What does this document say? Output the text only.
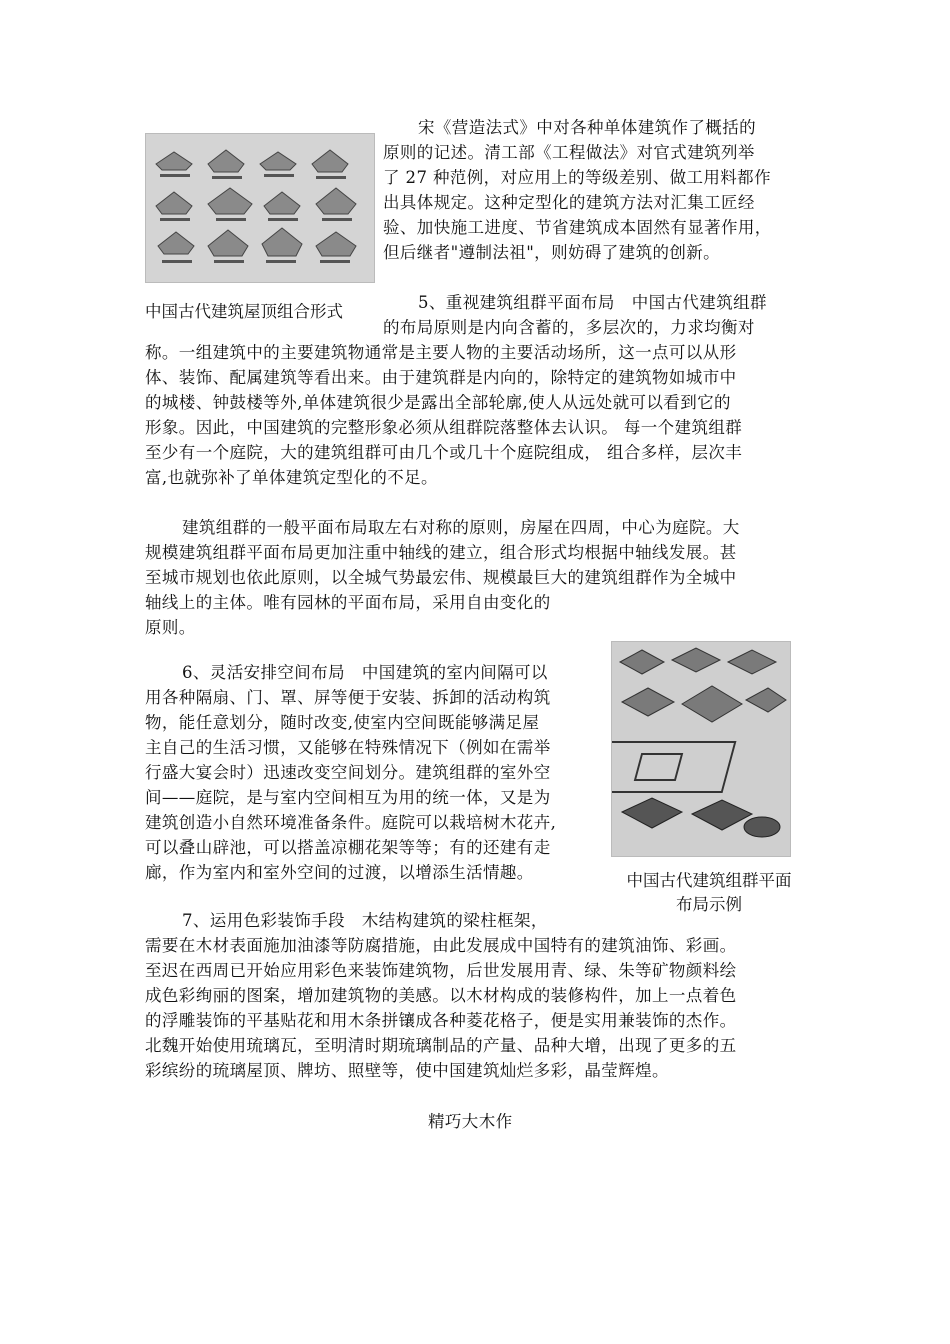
中国古代建筑屋顶组合形式
宋《营造法式》中对各种单体建筑作了概括的
原则的记述。清工部《工程做法》对官式建筑列举
了 27 种范例，对应用上的等级差别、做工用料都作
出具体规定。这种定型化的建筑方法对汇集工匠经
验、加快施工进度、节省建筑成本固然有显著作用，
但后继者"遵制法祖"，则妨碍了建筑的创新。
5、重视建筑组群平面布局　中国古代建筑组群
的布局原则是内向含蓄的，多层次的，力求均衡对
称。一组建筑中的主要建筑物通常是主要人物的主要活动场所，这一点可以从形
体、装饰、配属建筑等看出来。由于建筑群是内向的，除特定的建筑物如城市中
的城楼、钟鼓楼等外,单体建筑很少是露出全部轮廓,使人从远处就可以看到它的
形象。因此，中国建筑的完整形象必须从组群院落整体去认识。 每一个建筑组群
至少有一个庭院，大的建筑组群可由几个或几十个庭院组成， 组合多样，层次丰
富,也就弥补了单体建筑定型化的不足。
建筑组群的一般平面布局取左右对称的原则，房屋在四周，中心为庭院。大
规模建筑组群平面布局更加注重中轴线的建立，组合形式均根据中轴线发展。甚
至城市规划也依此原则，以全城气势最宏伟、规模最巨大的建筑组群作为全城中
轴线上的主体。唯有园林的平面布局，采用自由变化的
原则。
中国古代建筑组群平面
布局示例
6、灵活安排空间布局　中国建筑的室内间隔可以
用各种隔扇、门、罩、屏等便于安装、拆卸的活动构筑
物，能任意划分，随时改变,使室内空间既能够满足屋
主自己的生活习惯，又能够在特殊情况下（例如在需举
行盛大宴会时）迅速改变空间划分。建筑组群的室外空
间——庭院，是与室内空间相互为用的统一体，又是为
建筑创造小自然环境准备条件。庭院可以栽培树木花卉,
可以叠山辟池，可以搭盖凉棚花架等等；有的还建有走
廊，作为室内和室外空间的过渡，以增添生活情趣。
7、运用色彩装饰手段　木结构建筑的梁柱框架，
需要在木材表面施加油漆等防腐措施，由此发展成中国特有的建筑油饰、彩画。
至迟在西周已开始应用彩色来装饰建筑物，后世发展用青、绿、朱等矿物颜料绘
成色彩绚丽的图案，增加建筑物的美感。以木材构成的装修构件，加上一点着色
的浮雕装饰的平基贴花和用木条拼镶成各种菱花格子，便是实用兼装饰的杰作。
北魏开始使用琉璃瓦，至明清时期琉璃制品的产量、品种大增，出现了更多的五
彩缤纷的琉璃屋顶、牌坊、照壁等，使中国建筑灿烂多彩，晶莹辉煌。
精巧大木作
